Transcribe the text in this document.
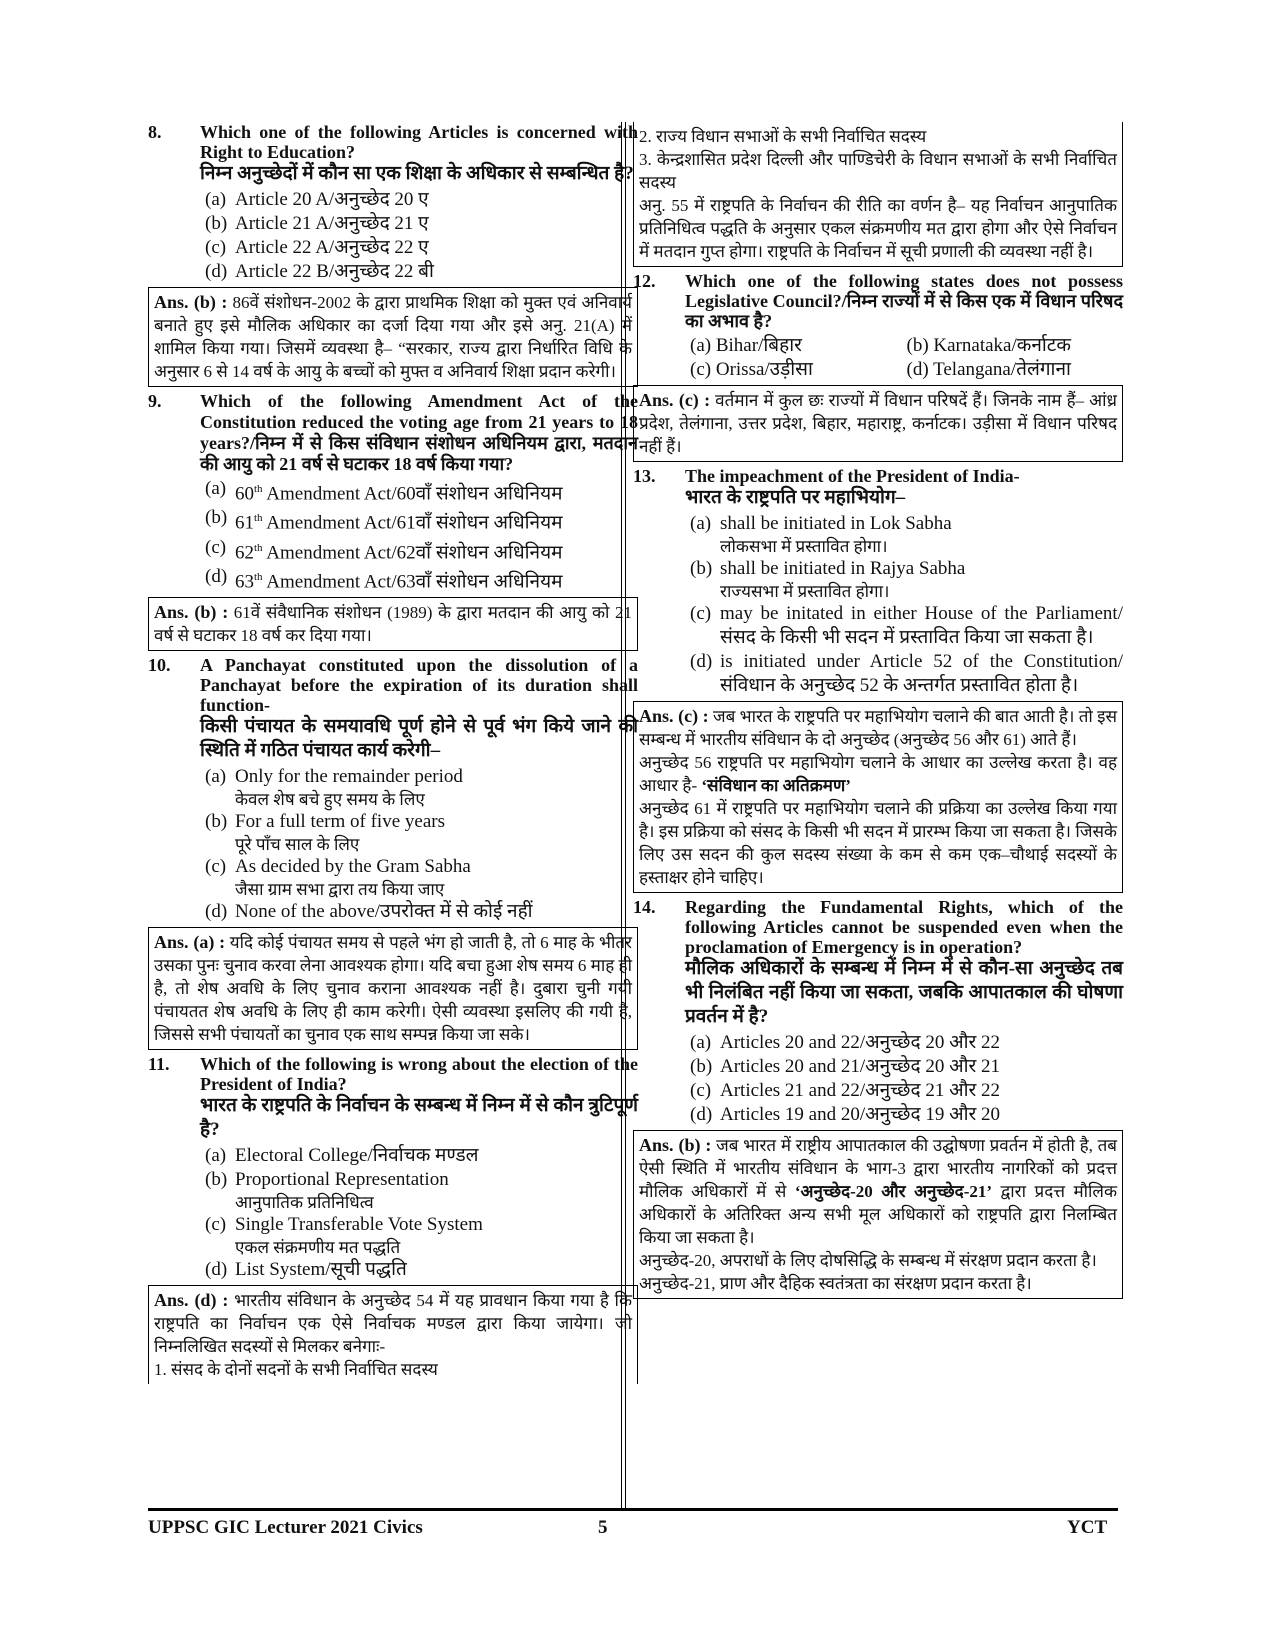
8.	Which one of the following Articles is concerned with Right to Education?
निम्न अनुच्छेदों में कौन सा एक शिक्षा के अधिकार से सम्बन्धित है?
(a) Article 20 A/अनुच्छेद 20 ए
(b) Article 21 A/अनुच्छेद 21 ए
(c) Article 22 A/अनुच्छेद 22 ए
(d) Article 22 B/अनुच्छेद 22 बी
Ans. (b) : 86वें संशोधन-2002 के द्वारा प्राथमिक शिक्षा को मुक्त एवं अनिवार्य बनाते हुए इसे मौलिक अधिकार का दर्जा दिया गया और इसे अनु. 21(A) में शामिल किया गया। जिसमें व्यवस्था है– “सरकार, राज्य द्वारा निर्धारित विधि के अनुसार 6 से 14 वर्ष के आयु के बच्चों को मुफ्त व अनिवार्य शिक्षा प्रदान करेगी।
9.	Which of the following Amendment Act of the Constitution reduced the voting age from 21 years to 18 years?/निम्न में से किस संविधान संशोधन अधिनियम द्वारा, मतदान की आयु को 21 वर्ष से घटाकर 18 वर्ष किया गया?
(a) 60th Amendment Act/60वाँ संशोधन अधिनियम
(b) 61th Amendment Act/61वाँ संशोधन अधिनियम
(c) 62th Amendment Act/62वाँ संशोधन अधिनियम
(d) 63th Amendment Act/63वाँ संशोधन अधिनियम
Ans. (b) : 61वें संवैधानिक संशोधन (1989) के द्वारा मतदान की आयु को 21 वर्ष से घटाकर 18 वर्ष कर दिया गया।
10.	A Panchayat constituted upon the dissolution of a Panchayat before the expiration of its duration shall function-
किसी पंचायत के समयावधि पूर्ण होने से पूर्व भंग किये जाने की स्थिति में गठित पंचायत कार्य करेगी–
(a) Only for the remainder period
केवल शेष बचे हुए समय के लिए
(b) For a full term of five years
पूरे पाँच साल के लिए
(c) As decided by the Gram Sabha
जैसा ग्राम सभा द्वारा तय किया जाए
(d) None of the above/उपरोक्त में से कोई नहीं
Ans. (a) : यदि कोई पंचायत समय से पहले भंग हो जाती है, तो 6 माह के भीतर उसका पुनः चुनाव करवा लेना आवश्यक होगा। यदि बचा हुआ शेष समय 6 माह ही है, तो शेष अवधि के लिए चुनाव कराना आवश्यक नहीं है। दुबारा चुनी गयी पंचायतत शेष अवधि के लिए ही काम करेगी। ऐसी व्यवस्था इसलिए की गयी है, जिससे सभी पंचायतों का चुनाव एक साथ सम्पन्न किया जा सके।
11.	Which of the following is wrong about the election of the President of India?
भारत के राष्ट्रपति के निर्वाचन के सम्बन्ध में निम्न में से कौन त्रुटिपूर्ण है?
(a) Electoral College/निर्वाचक मण्डल
(b) Proportional Representation
आनुपातिक प्रतिनिधित्व
(c) Single Transferable Vote System
एकल संक्रमणीय मत पद्धति
(d) List System/सूची पद्धति
Ans. (d) : भारतीय संविधान के अनुच्छेद 54 में यह प्रावधान किया गया है कि राष्ट्रपति का निर्वाचन एक ऐसे निर्वाचक मण्डल द्वारा किया जायेगा। जो निम्नलिखित सदस्यों से मिलकर बनेगाः-
1. संसद के दोनों सदनों के सभी निर्वाचित सदस्य
2. राज्य विधान सभाओं के सभी निर्वाचित सदस्य
3. केन्द्रशासित प्रदेश दिल्ली और पाण्डिचेरी के विधान सभाओं के सभी निर्वाचित सदस्य
अनु. 55 में राष्ट्रपति के निर्वाचन की रीति का वर्णन है– यह निर्वाचन आनुपातिक प्रतिनिधित्व पद्धति के अनुसार एकल संक्रमणीय मत द्वारा होगा और ऐसे निर्वाचन में मतदान गुप्त होगा। राष्ट्रपति के निर्वाचन में सूची प्रणाली की व्यवस्था नहीं है।
12.	Which one of the following states does not possess Legislative Council?/निम्न राज्यों में से किस एक में विधान परिषद का अभाव है?
(a) Bihar/बिहार	(b) Karnataka/कर्नाटक
(c) Orissa/उड़ीसा	(d) Telangana/तेलंगाना
Ans. (c) : वर्तमान में कुल छः राज्यों में विधान परिषदें हैं। जिनके नाम हैं– आंध्र प्रदेश, तेलंगाना, उत्तर प्रदेश, बिहार, महाराष्ट्र, कर्नाटक। उड़ीसा में विधान परिषद नहीं हैं।
13.	The impeachment of the President of India-
भारत के राष्ट्रपति पर महाभियोग–
(a) shall be initiated in Lok Sabha
लोकसभा में प्रस्तावित होगा।
(b) shall be initiated in Rajya Sabha
राज्यसभा में प्रस्तावित होगा।
(c) may be initated in either House of the Parliament/संसद के किसी भी सदन में प्रस्तावित किया जा सकता है।
(d) is initiated under Article 52 of the Constitution/संविधान के अनुच्छेद 52 के अन्तर्गत प्रस्तावित होता है।
Ans. (c) : जब भारत के राष्ट्रपति पर महाभियोग चलाने की बात आती है। तो इस सम्बन्ध में भारतीय संविधान के दो अनुच्छेद (अनुच्छेद 56 और 61) आते हैं।
अनुच्छेद 56 राष्ट्रपति पर महाभियोग चलाने के आधार का उल्लेख करता है। वह आधार है- ‘संविधान का अतिक्रमण’
अनुच्छेद 61 में राष्ट्रपति पर महाभियोग चलाने की प्रक्रिया का उल्लेख किया गया है। इस प्रक्रिया को संसद के किसी भी सदन में प्रारम्भ किया जा सकता है। जिसके लिए उस सदन की कुल सदस्य संख्या के कम से कम एक–चौथाई सदस्यों के हस्ताक्षर होने चाहिए।
14.	Regarding the Fundamental Rights, which of the following Articles cannot be suspended even when the proclamation of Emergency is in operation?
मौलिक अधिकारों के सम्बन्ध में निम्न में से कौन-सा अनुच्छेद तब भी निलंबित नहीं किया जा सकता, जबकि आपातकाल की घोषणा प्रवर्तन में है?
(a) Articles 20 and 22/अनुच्छेद 20 और 22
(b) Articles 20 and 21/अनुच्छेद 20 और 21
(c) Articles 21 and 22/अनुच्छेद 21 और 22
(d) Articles 19 and 20/अनुच्छेद 19 और 20
Ans. (b) : जब भारत में राष्ट्रीय आपातकाल की उद्घोषणा प्रवर्तन में होती है, तब ऐसी स्थिति में भारतीय संविधान के भाग-3 द्वारा भारतीय नागरिकों को प्रदत्त मौलिक अधिकारों में से ‘अनुच्छेद-20 और अनुच्छेद-21’ द्वारा प्रदत्त मौलिक अधिकारों के अतिरिक्त अन्य सभी मूल अधिकारों को राष्ट्रपति द्वारा निलम्बित किया जा सकता है।
अनुच्छेद-20, अपराधों के लिए दोषसिद्धि के सम्बन्ध में संरक्षण प्रदान करता है।
अनुच्छेद-21, प्राण और दैहिक स्वतंत्रता का संरक्षण प्रदान करता है।
UPPSC GIC Lecturer 2021 Civics	5	YCT
